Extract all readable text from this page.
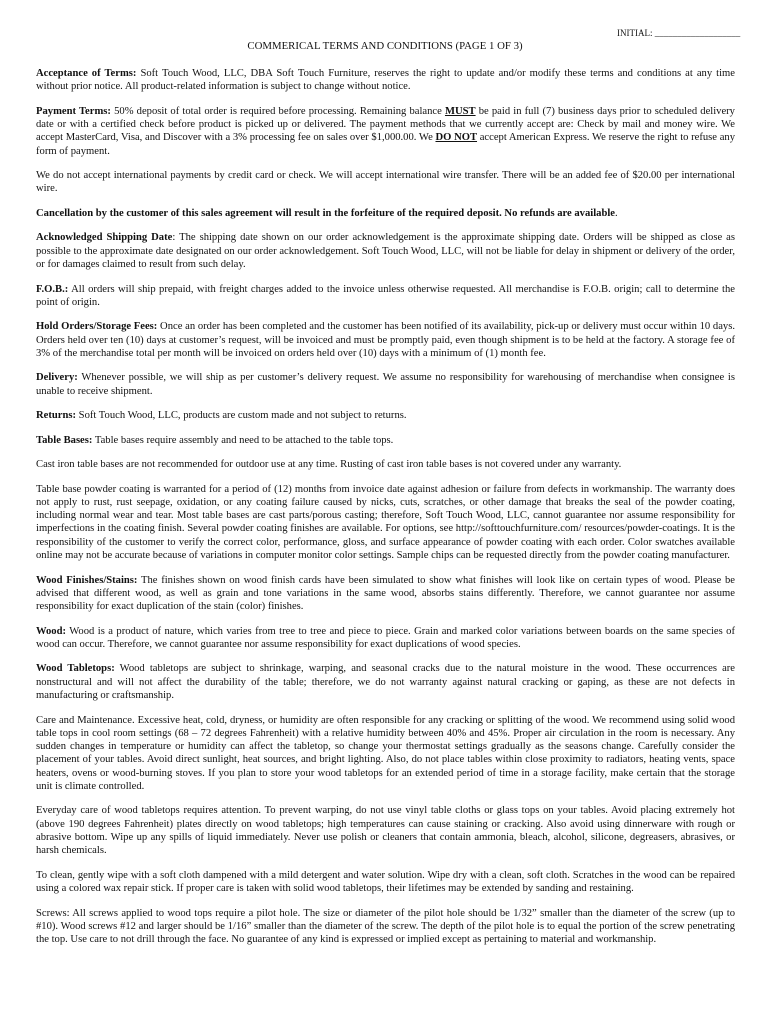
INITIAL: ___________________
COMMERICAL TERMS AND CONDITIONS (PAGE 1 OF 3)

Acceptance of Terms: Soft Touch Wood, LLC, DBA Soft Touch Furniture, reserves the right to update and/or modify these terms and conditions at any time without prior notice. All product-related information is subject to change without notice.

Payment Terms: 50% deposit of total order is required before processing. Remaining balance MUST be paid in full (7) business days prior to scheduled delivery date or with a certified check before product is picked up or delivered. The payment methods that we currently accept are: Check by mail and money wire. We accept MasterCard, Visa, and Discover with a 3% processing fee on sales over $1,000.00. We DO NOT accept American Express. We reserve the right to refuse any form of payment.

We do not accept international payments by credit card or check. We will accept international wire transfer. There will be an added fee of $20.00 per international wire.

Cancellation by the customer of this sales agreement will result in the forfeiture of the required deposit. No refunds are available.

Acknowledged Shipping Date: The shipping date shown on our order acknowledgement is the approximate shipping date. Orders will be shipped as close as possible to the approximate date designated on our order acknowledgement. Soft Touch Wood, LLC, will not be liable for delay in shipment or delivery of the order, or for damages claimed to result from such delay.

F.O.B.: All orders will ship prepaid, with freight charges added to the invoice unless otherwise requested. All merchandise is F.O.B. origin; call to determine the point of origin.

Hold Orders/Storage Fees: Once an order has been completed and the customer has been notified of its availability, pick-up or delivery must occur within 10 days. Orders held over ten (10) days at customer’s request, will be invoiced and must be promptly paid, even though shipment is to be held at the factory. A storage fee of 3% of the merchandise total per month will be invoiced on orders held over (10) days with a minimum of (1) month fee.

Delivery: Whenever possible, we will ship as per customer’s delivery request. We assume no responsibility for warehousing of merchandise when consignee is unable to receive shipment.

Returns: Soft Touch Wood, LLC, products are custom made and not subject to returns.

Table Bases: Table bases require assembly and need to be attached to the table tops.

Cast iron table bases are not recommended for outdoor use at any time. Rusting of cast iron table bases is not covered under any warranty.

Table base powder coating is warranted for a period of (12) months from invoice date against adhesion or failure from defects in workmanship. The warranty does not apply to rust, rust seepage, oxidation, or any coating failure caused by nicks, cuts, scratches, or other damage that breaks the seal of the powder coating, including normal wear and tear. Most table bases are cast parts/porous casting; therefore, Soft Touch Wood, LLC, cannot guarantee nor assume responsibility for imperfections in the coating finish. Several powder coating finishes are available. For options, see http://softtouchfurniture.com/ resources/powder-coatings. It is the responsibility of the customer to verify the correct color, performance, gloss, and surface appearance of powder coating with each order. Color swatches available online may not be accurate because of variations in computer monitor color settings. Sample chips can be requested directly from the powder coating manufacturer.

Wood Finishes/Stains: The finishes shown on wood finish cards have been simulated to show what finishes will look like on certain types of wood. Please be advised that different wood, as well as grain and tone variations in the same wood, absorbs stains differently. Therefore, we cannot guarantee nor assume responsibility for exact duplication of the stain (color) finishes.

Wood: Wood is a product of nature, which varies from tree to tree and piece to piece. Grain and marked color variations between boards on the same species of wood can occur. Therefore, we cannot guarantee nor assume responsibility for exact duplications of wood species.

Wood Tabletops: Wood tabletops are subject to shrinkage, warping, and seasonal cracks due to the natural moisture in the wood. These occurrences are nonstructural and will not affect the durability of the table; therefore, we do not warranty against natural cracking or gaping, as these are not defects in manufacturing or craftsmanship.

Care and Maintenance. Excessive heat, cold, dryness, or humidity are often responsible for any cracking or splitting of the wood. We recommend using solid wood table tops in cool room settings (68 – 72 degrees Fahrenheit) with a relative humidity between 40% and 45%. Proper air circulation in the room is necessary. Any sudden changes in temperature or humidity can affect the tabletop, so change your thermostat settings gradually as the seasons change. Carefully consider the placement of your tables. Avoid direct sunlight, heat sources, and bright lighting. Also, do not place tables within close proximity to radiators, heating vents, space heaters, ovens or wood-burning stoves. If you plan to store your wood tabletops for an extended period of time in a storage facility, make certain that the storage unit is climate controlled.

Everyday care of wood tabletops requires attention. To prevent warping, do not use vinyl table cloths or glass tops on your tables. Avoid placing extremely hot (above 190 degrees Fahrenheit) plates directly on wood tabletops; high temperatures can cause staining or cracking. Also avoid using dinnerware with rough or abrasive bottom. Wipe up any spills of liquid immediately. Never use polish or cleaners that contain ammonia, bleach, alcohol, silicone, degreasers, abrasives, or harsh chemicals.

To clean, gently wipe with a soft cloth dampened with a mild detergent and water solution. Wipe dry with a clean, soft cloth. Scratches in the wood can be repaired using a colored wax repair stick. If proper care is taken with solid wood tabletops, their lifetimes may be extended by sanding and restaining.

Screws: All screws applied to wood tops require a pilot hole. The size or diameter of the pilot hole should be 1/32” smaller than the diameter of the screw (up to #10). Wood screws #12 and larger should be 1/16” smaller than the diameter of the screw. The depth of the pilot hole is to equal the portion of the screw penetrating the top. Use care to not drill through the face. No guarantee of any kind is expressed or implied except as pertaining to material and workmanship.
